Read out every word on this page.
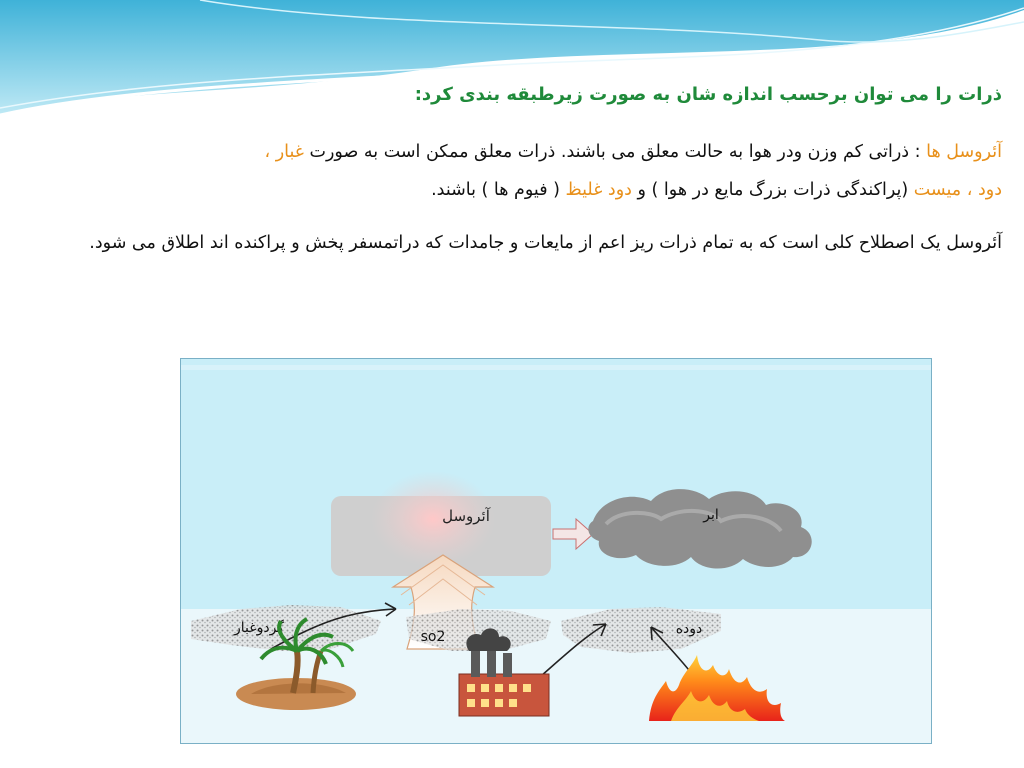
ذرات را می توان برحسب اندازه شان به صورت زیرطبقه بندی کرد:
آئروسل ها : ذراتی کم وزن ودر هوا به حالت معلق می باشند. ذرات معلق ممکن است به صورت غبار ،
دود ، میست (پراکندگی ذرات بزرگ مایع در هوا ) و دود غلیظ ( فیوم ها ) باشند.
آئروسل یک اصطلاح کلی است که به تمام ذرات ریز اعم از مایعات و جامدات که دراتمسفر پخش و پراکنده اند اطلاق می شود.
آئروسل	ابر
گردوغبار
so2	دوده
